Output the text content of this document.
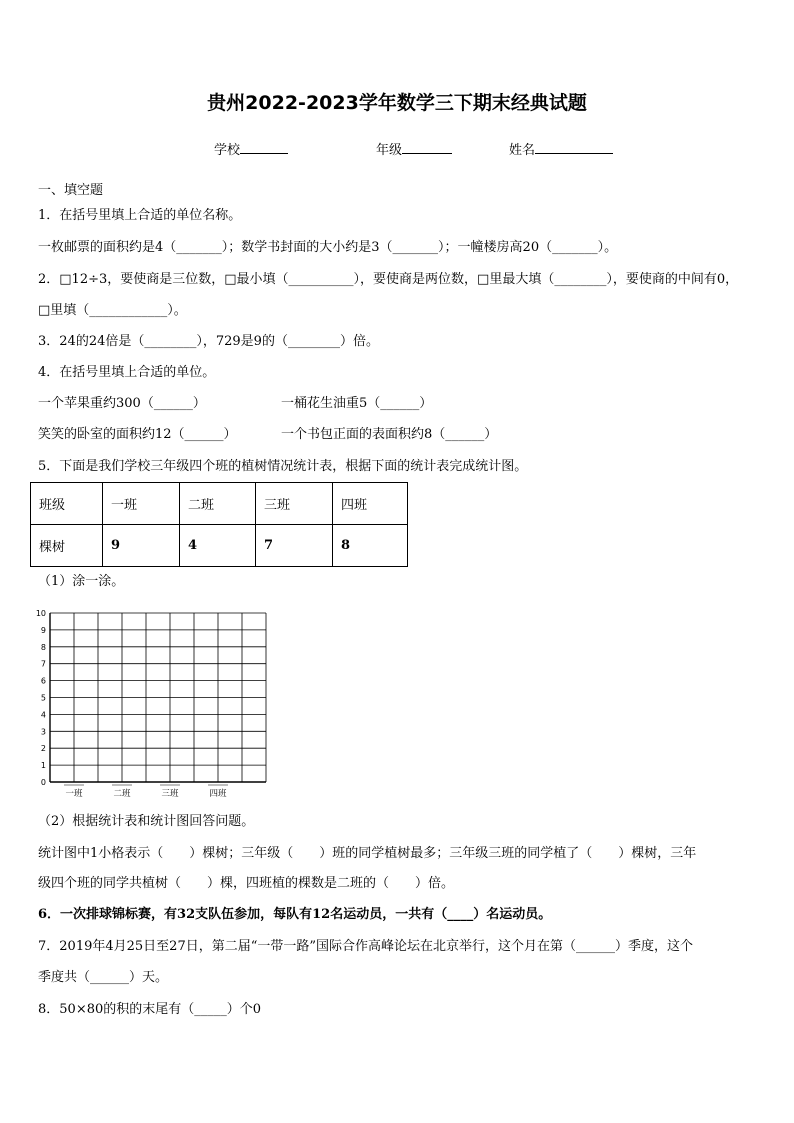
贵州2022-2023学年数学三下期末经典试题
学校	年级	姓名
一、填空题
1．在括号里填上合适的单位名称。
一枚邮票的面积约是4（_______）；数学书封面的大小约是3（_______）；一幢楼房高20（_______）。
2．□12÷3，要使商是三位数，□最小填（__________），要使商是两位数，□里最大填（________），要使商的中间有0，
□里填（____________）。
3．24的24倍是（________），729是9的（________）倍。
4．在括号里填上合适的单位。
一个苹果重约300（______）	一桶花生油重5（______）
笑笑的卧室的面积约12（______）	一个书包正面的表面积约8（______）
5．下面是我们学校三年级四个班的植树情况统计表，根据下面的统计表完成统计图。
班级	一班	二班	三班	四班
棵树	9	4	7	8
（1）涂一涂。
0
1
2
3
4
5
6
7
8
9
10
一班	二班	三班	四班
（2）根据统计表和统计图回答问题。
统计图中1小格表示（　　）棵树；三年级（　　）班的同学植树最多；三年级三班的同学植了（　　）棵树，三年
级四个班的同学共植树（　　）棵，四班植的棵数是二班的（　　）倍。
6．一次排球锦标赛，有32支队伍参加，每队有12名运动员，一共有（____）名运动员。
7．2019年4月25日至27日，第二届“一带一路”国际合作高峰论坛在北京举行，这个月在第（______）季度，这个
季度共（______）天。
8．50×80的积的末尾有（_____）个0
